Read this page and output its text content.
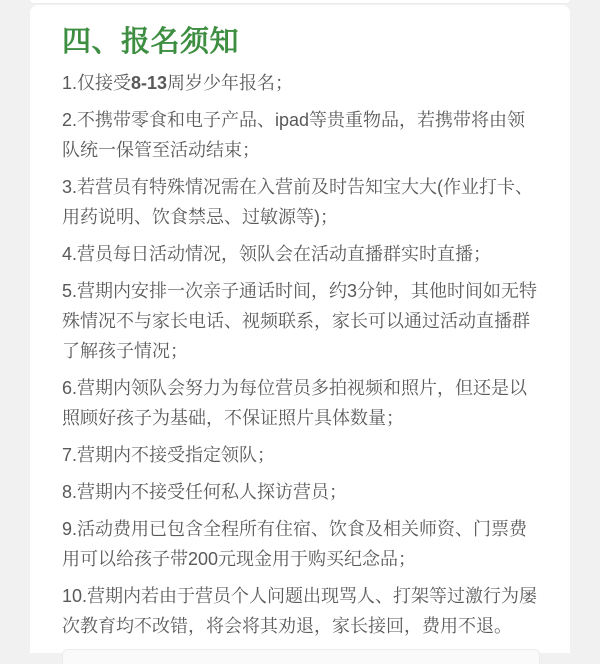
四、报名须知

1.仅接受8-13周岁少年报名；

2.不携带零食和电子产品、ipad等贵重物品，若携带将由领队统一保管至活动结束；

3.若营员有特殊情况需在入营前及时告知宝大大(作业打卡、用药说明、饮食禁忌、过敏源等)；

4.营员每日活动情况，领队会在活动直播群实时直播；

5.营期内安排一次亲子通话时间，约3分钟，其他时间如无特殊情况不与家长电话、视频联系，家长可以通过活动直播群了解孩子情况；

6.营期内领队会努力为每位营员多拍视频和照片，但还是以照顾好孩子为基础，不保证照片具体数量；

7.营期内不接受指定领队；

8.营期内不接受任何私人探访营员；

9.活动费用已包含全程所有住宿、饮食及相关师资、门票费用可以给孩子带200元现金用于购买纪念品；

10.营期内若由于营员个人问题出现骂人、打架等过激行为屡次教育均不改错，将会将其劝退，家长接回，费用不退。
